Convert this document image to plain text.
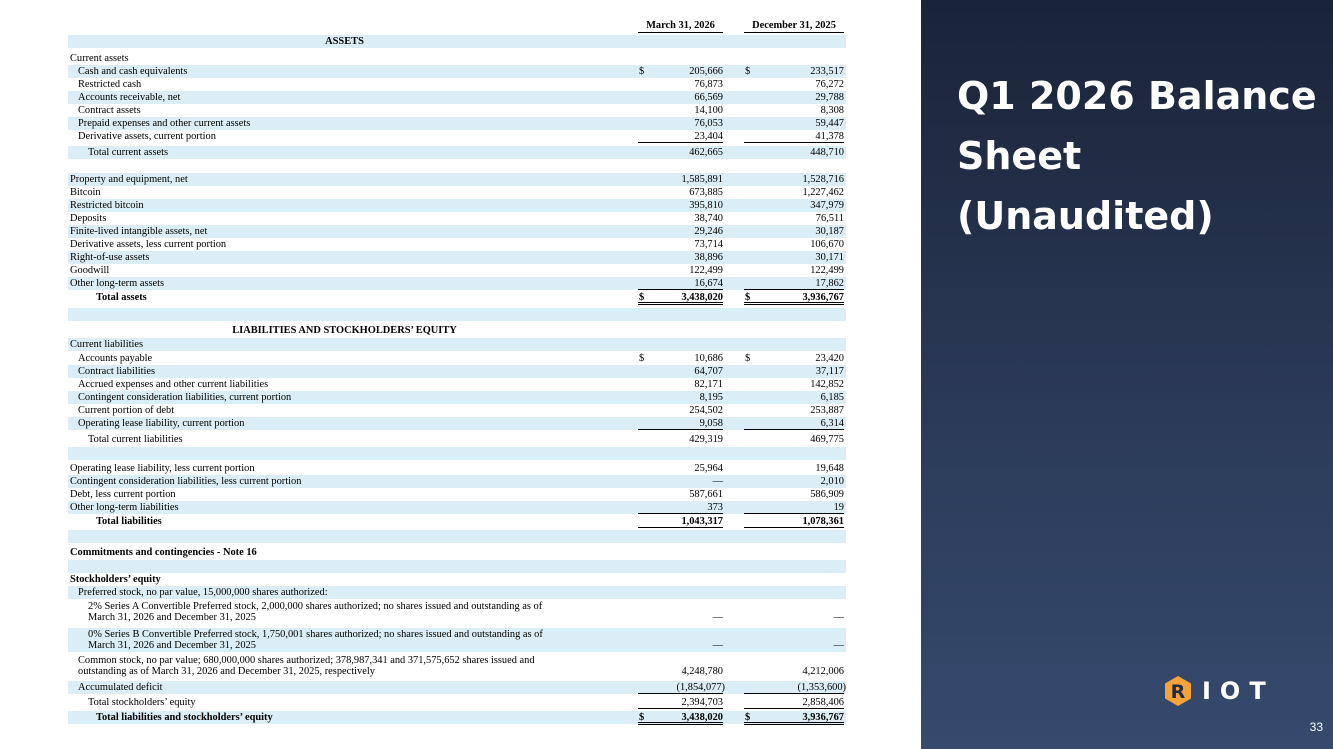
March 31, 2026	December 31, 2025
ASSETS
Current assets
Cash and cash equivalents	$	205,666 $	233,517
Restricted cash	76,873	76,272
Accounts receivable, net	66,569	29,788
Contract assets	14,100	8,308
Prepaid expenses and other current assets	76,053	59,447
Derivative assets, current portion	23,404	41,378
Total current assets	462,665	448,710
Property and equipment, net	1,585,891	1,528,716
Bitcoin	673,885	1,227,462
Restricted bitcoin	395,810	347,979
Deposits	38,740	76,511
Finite-lived intangible assets, net	29,246	30,187
Derivative assets, less current portion	73,714	106,670
Right-of-use assets	38,896	30,171
Goodwill	122,499	122,499
Other long-term assets	16,674	17,862
Total assets	$	3,438,020 $	3,936,767
LIABILITIES AND STOCKHOLDERS’ EQUITY
Current liabilities
Accounts payable	$	10,686 $	23,420
Contract liabilities	64,707	37,117
Accrued expenses and other current liabilities	82,171	142,852
Contingent consideration liabilities, current portion	8,195	6,185
Current portion of debt	254,502	253,887
Operating lease liability, current portion	9,058	6,314
Total current liabilities	429,319	469,775
Operating lease liability, less current portion	25,964	19,648
Contingent consideration liabilities, less current portion	—	2,010
Debt, less current portion	587,661	586,909
Other long-term liabilities	373	19
Total liabilities	1,043,317	1,078,361
Commitments and contingencies - Note 16
Stockholders’ equity
Preferred stock, no par value, 15,000,000 shares authorized:
2% Series A Convertible Preferred stock, 2,000,000 shares authorized; no shares issued and outstanding as of
March 31, 2026 and December 31, 2025	—	—
0% Series B Convertible Preferred stock, 1,750,001 shares authorized; no shares issued and outstanding as of
March 31, 2026 and December 31, 2025	—	—
Common stock, no par value; 680,000,000 shares authorized; 378,987,341 and 371,575,652 shares issued and
outstanding as of March 31, 2026 and December 31, 2025, respectively	4,248,780	4,212,006
Accumulated deficit	(1,854,077)	(1,353,600)
Total stockholders’ equity	2,394,703	2,858,406
Total liabilities and stockholders’ equity	$	3,438,020 $	3,936,767
Q1 2026 Balance Sheet (Unaudited)
R IOT
33
